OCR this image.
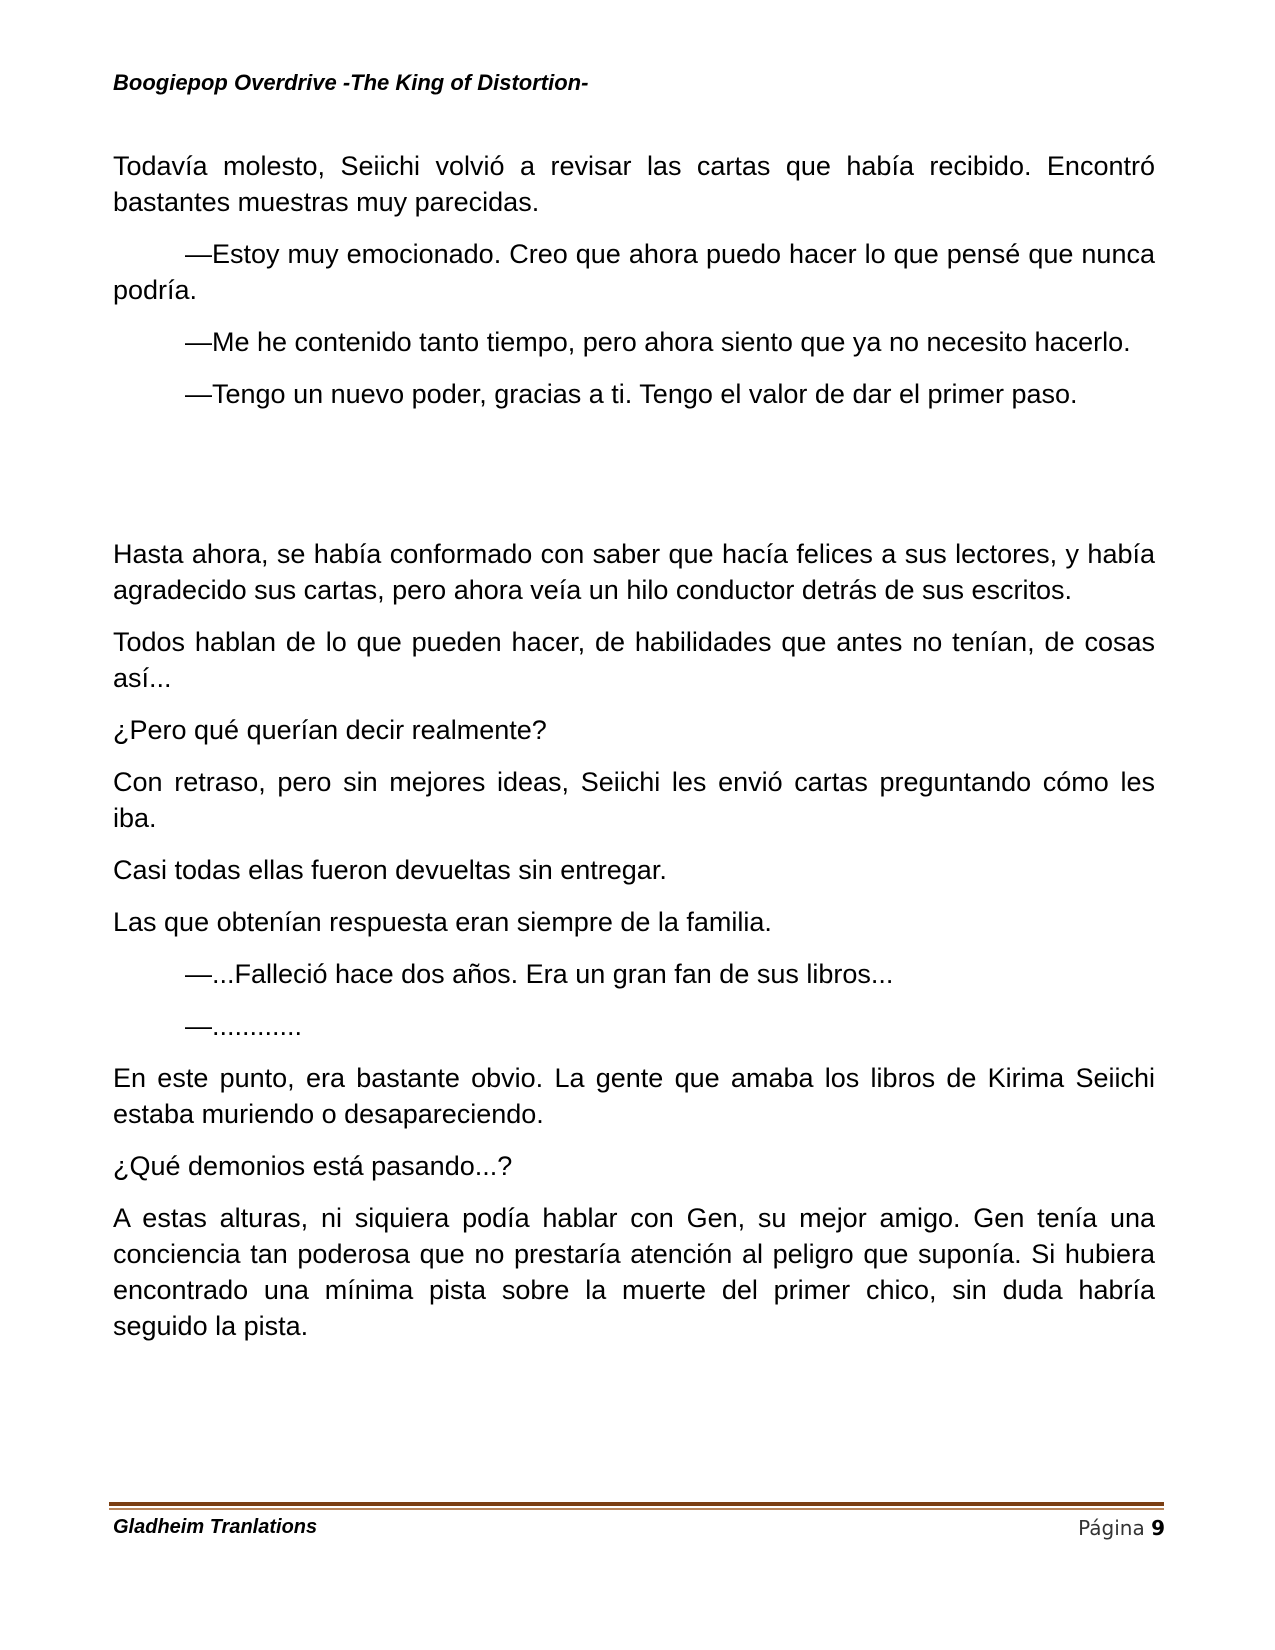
Boogiepop Overdrive -The King of Distortion-

Todavía molesto, Seiichi volvió a revisar las cartas que había recibido. Encontró bastantes muestras muy parecidas.

—Estoy muy emocionado. Creo que ahora puedo hacer lo que pensé que nunca podría.

—Me he contenido tanto tiempo, pero ahora siento que ya no necesito hacerlo.

—Tengo un nuevo poder, gracias a ti. Tengo el valor de dar el primer paso.

Hasta ahora, se había conformado con saber que hacía felices a sus lectores, y había agradecido sus cartas, pero ahora veía un hilo conductor detrás de sus escritos.

Todos hablan de lo que pueden hacer, de habilidades que antes no tenían, de cosas así...

¿Pero qué querían decir realmente?

Con retraso, pero sin mejores ideas, Seiichi les envió cartas preguntando cómo les iba.

Casi todas ellas fueron devueltas sin entregar.

Las que obtenían respuesta eran siempre de la familia.

—...Falleció hace dos años. Era un gran fan de sus libros...

—............

En este punto, era bastante obvio. La gente que amaba los libros de Kirima Seiichi estaba muriendo o desapareciendo.

¿Qué demonios está pasando...?

A estas alturas, ni siquiera podía hablar con Gen, su mejor amigo. Gen tenía una conciencia tan poderosa que no prestaría atención al peligro que suponía. Si hubiera encontrado una mínima pista sobre la muerte del primer chico, sin duda habría seguido la pista.

Gladheim Tranlations	Página 9
